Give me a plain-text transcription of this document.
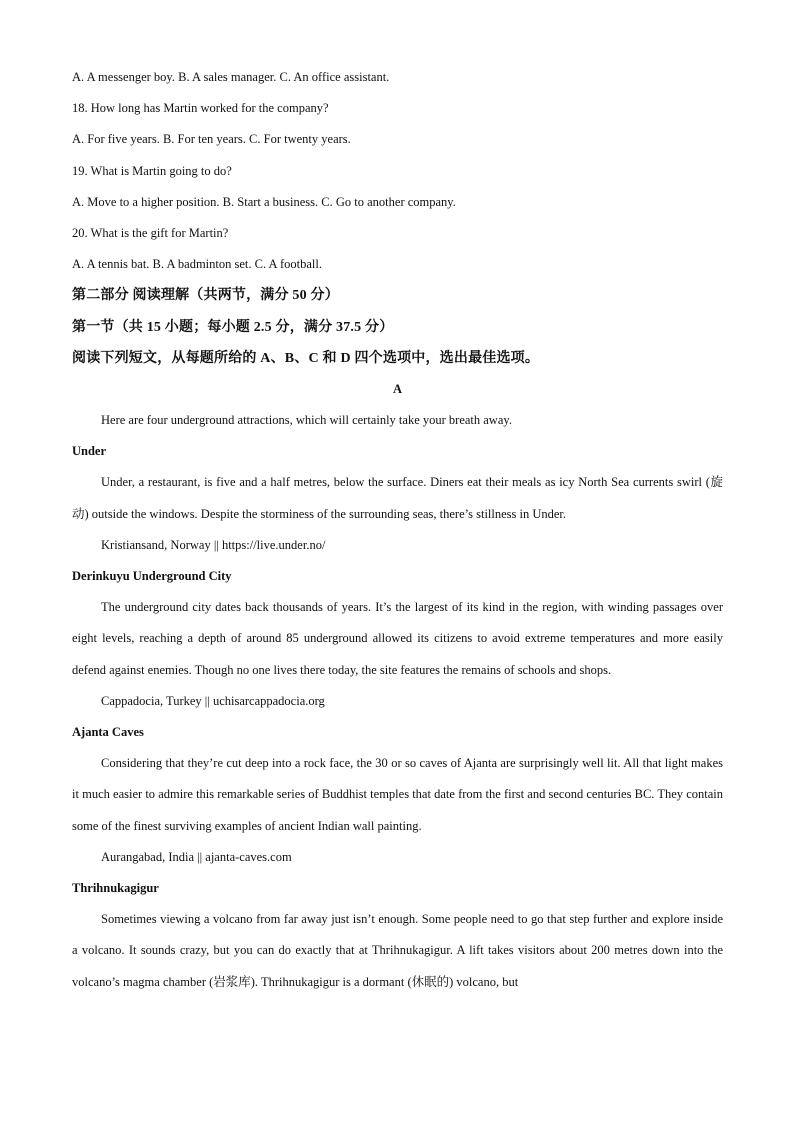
A. A messenger boy. B. A sales manager. C. An office assistant.
18. How long has Martin worked for the company?
A. For five years. B. For ten years. C. For twenty years.
19. What is Martin going to do?
A. Move to a higher position. B. Start a business. C. Go to another company.
20. What is the gift for Martin?
A. A tennis bat. B. A badminton set. C. A football.
第二部分 阅读理解（共两节，满分 50 分）
第一节（共 15 小题；每小题 2.5 分，满分 37.5 分）
阅读下列短文，从每题所给的 A、B、C 和 D 四个选项中，选出最佳选项。
A
Here are four underground attractions, which will certainly take your breath away.
Under
Under, a restaurant, is five and a half metres, below the surface. Diners eat their meals as icy North Sea currents swirl (旋动) outside the windows. Despite the storminess of the surrounding seas, there’s stillness in Under.
Kristiansand, Norway || https://live.under.no/
Derinkuyu Underground City
The underground city dates back thousands of years. It’s the largest of its kind in the region, with winding passages over eight levels, reaching a depth of around 85 underground allowed its citizens to avoid extreme temperatures and more easily defend against enemies. Though no one lives there today, the site features the remains of schools and shops.
Cappadocia, Turkey || uchisarcappadocia.org
Ajanta Caves
Considering that they’re cut deep into a rock face, the 30 or so caves of Ajanta are surprisingly well lit. All that light makes it much easier to admire this remarkable series of Buddhist temples that date from the first and second centuries BC. They contain some of the finest surviving examples of ancient Indian wall painting.
Aurangabad, India || ajanta-caves.com
Thrihnukagigur
Sometimes viewing a volcano from far away just isn’t enough. Some people need to go that step further and explore inside a volcano. It sounds crazy, but you can do exactly that at Thrihnukagigur. A lift takes visitors about 200 metres down into the volcano’s magma chamber (岩浆库). Thrihnukagigur is a dormant (休眠的) volcano, but
